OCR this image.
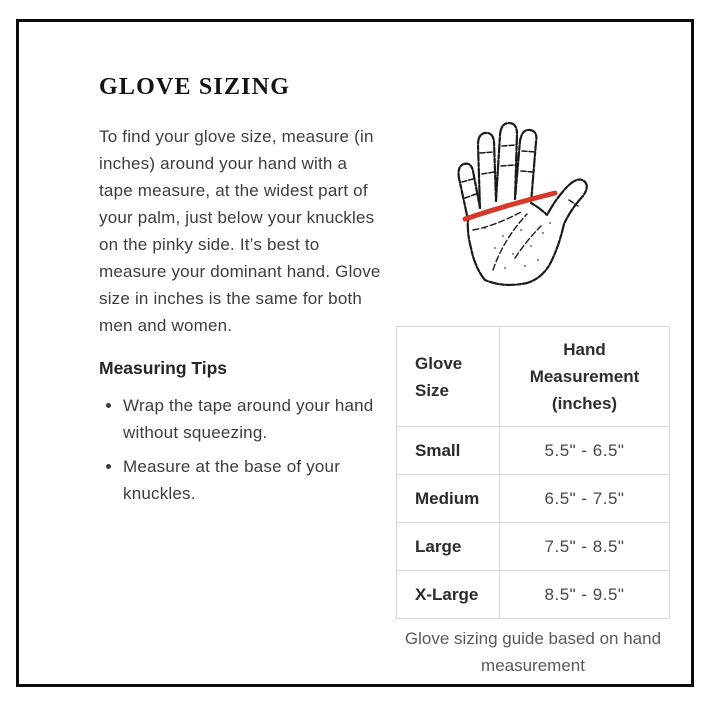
GLOVE SIZING

To find your glove size, measure (in inches) around your hand with a tape measure, at the widest part of your palm, just below your knuckles on the pinky side. It’s best to measure your dominant hand. Glove size in inches is the same for both men and women.

Measuring Tips
• Wrap the tape around your hand without squeezing.
• Measure at the base of your knuckles.
Glove Size	Hand Measurement (inches)
Small	5.5" - 6.5"
Medium	6.5" - 7.5"
Large	7.5" - 8.5"
X-Large	8.5" - 9.5"
Glove sizing guide based on hand measurement
